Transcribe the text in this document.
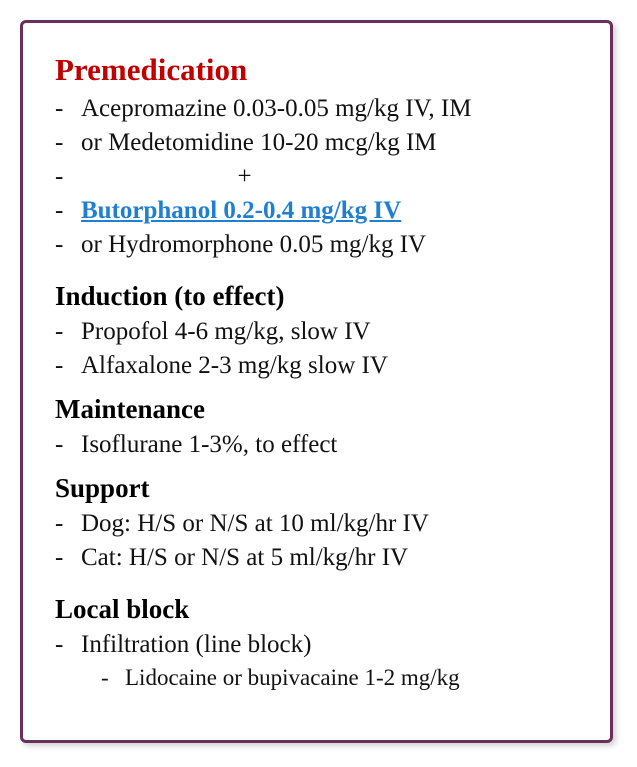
Premedication
- Acepromazine 0.03-0.05 mg/kg IV, IM
- or Medetomidine 10-20 mcg/kg IM
-	+
- Butorphanol 0.2-0.4 mg/kg IV
- or Hydromorphone 0.05 mg/kg IV
Induction (to effect)
- Propofol 4-6 mg/kg, slow IV
- Alfaxalone 2-3 mg/kg slow IV
Maintenance
- Isoflurane 1-3%, to effect
Support
- Dog: H/S or N/S at 10 ml/kg/hr IV
- Cat: H/S or N/S at 5 ml/kg/hr IV
Local block
- Infiltration (line block)
- Lidocaine or bupivacaine 1-2 mg/kg
